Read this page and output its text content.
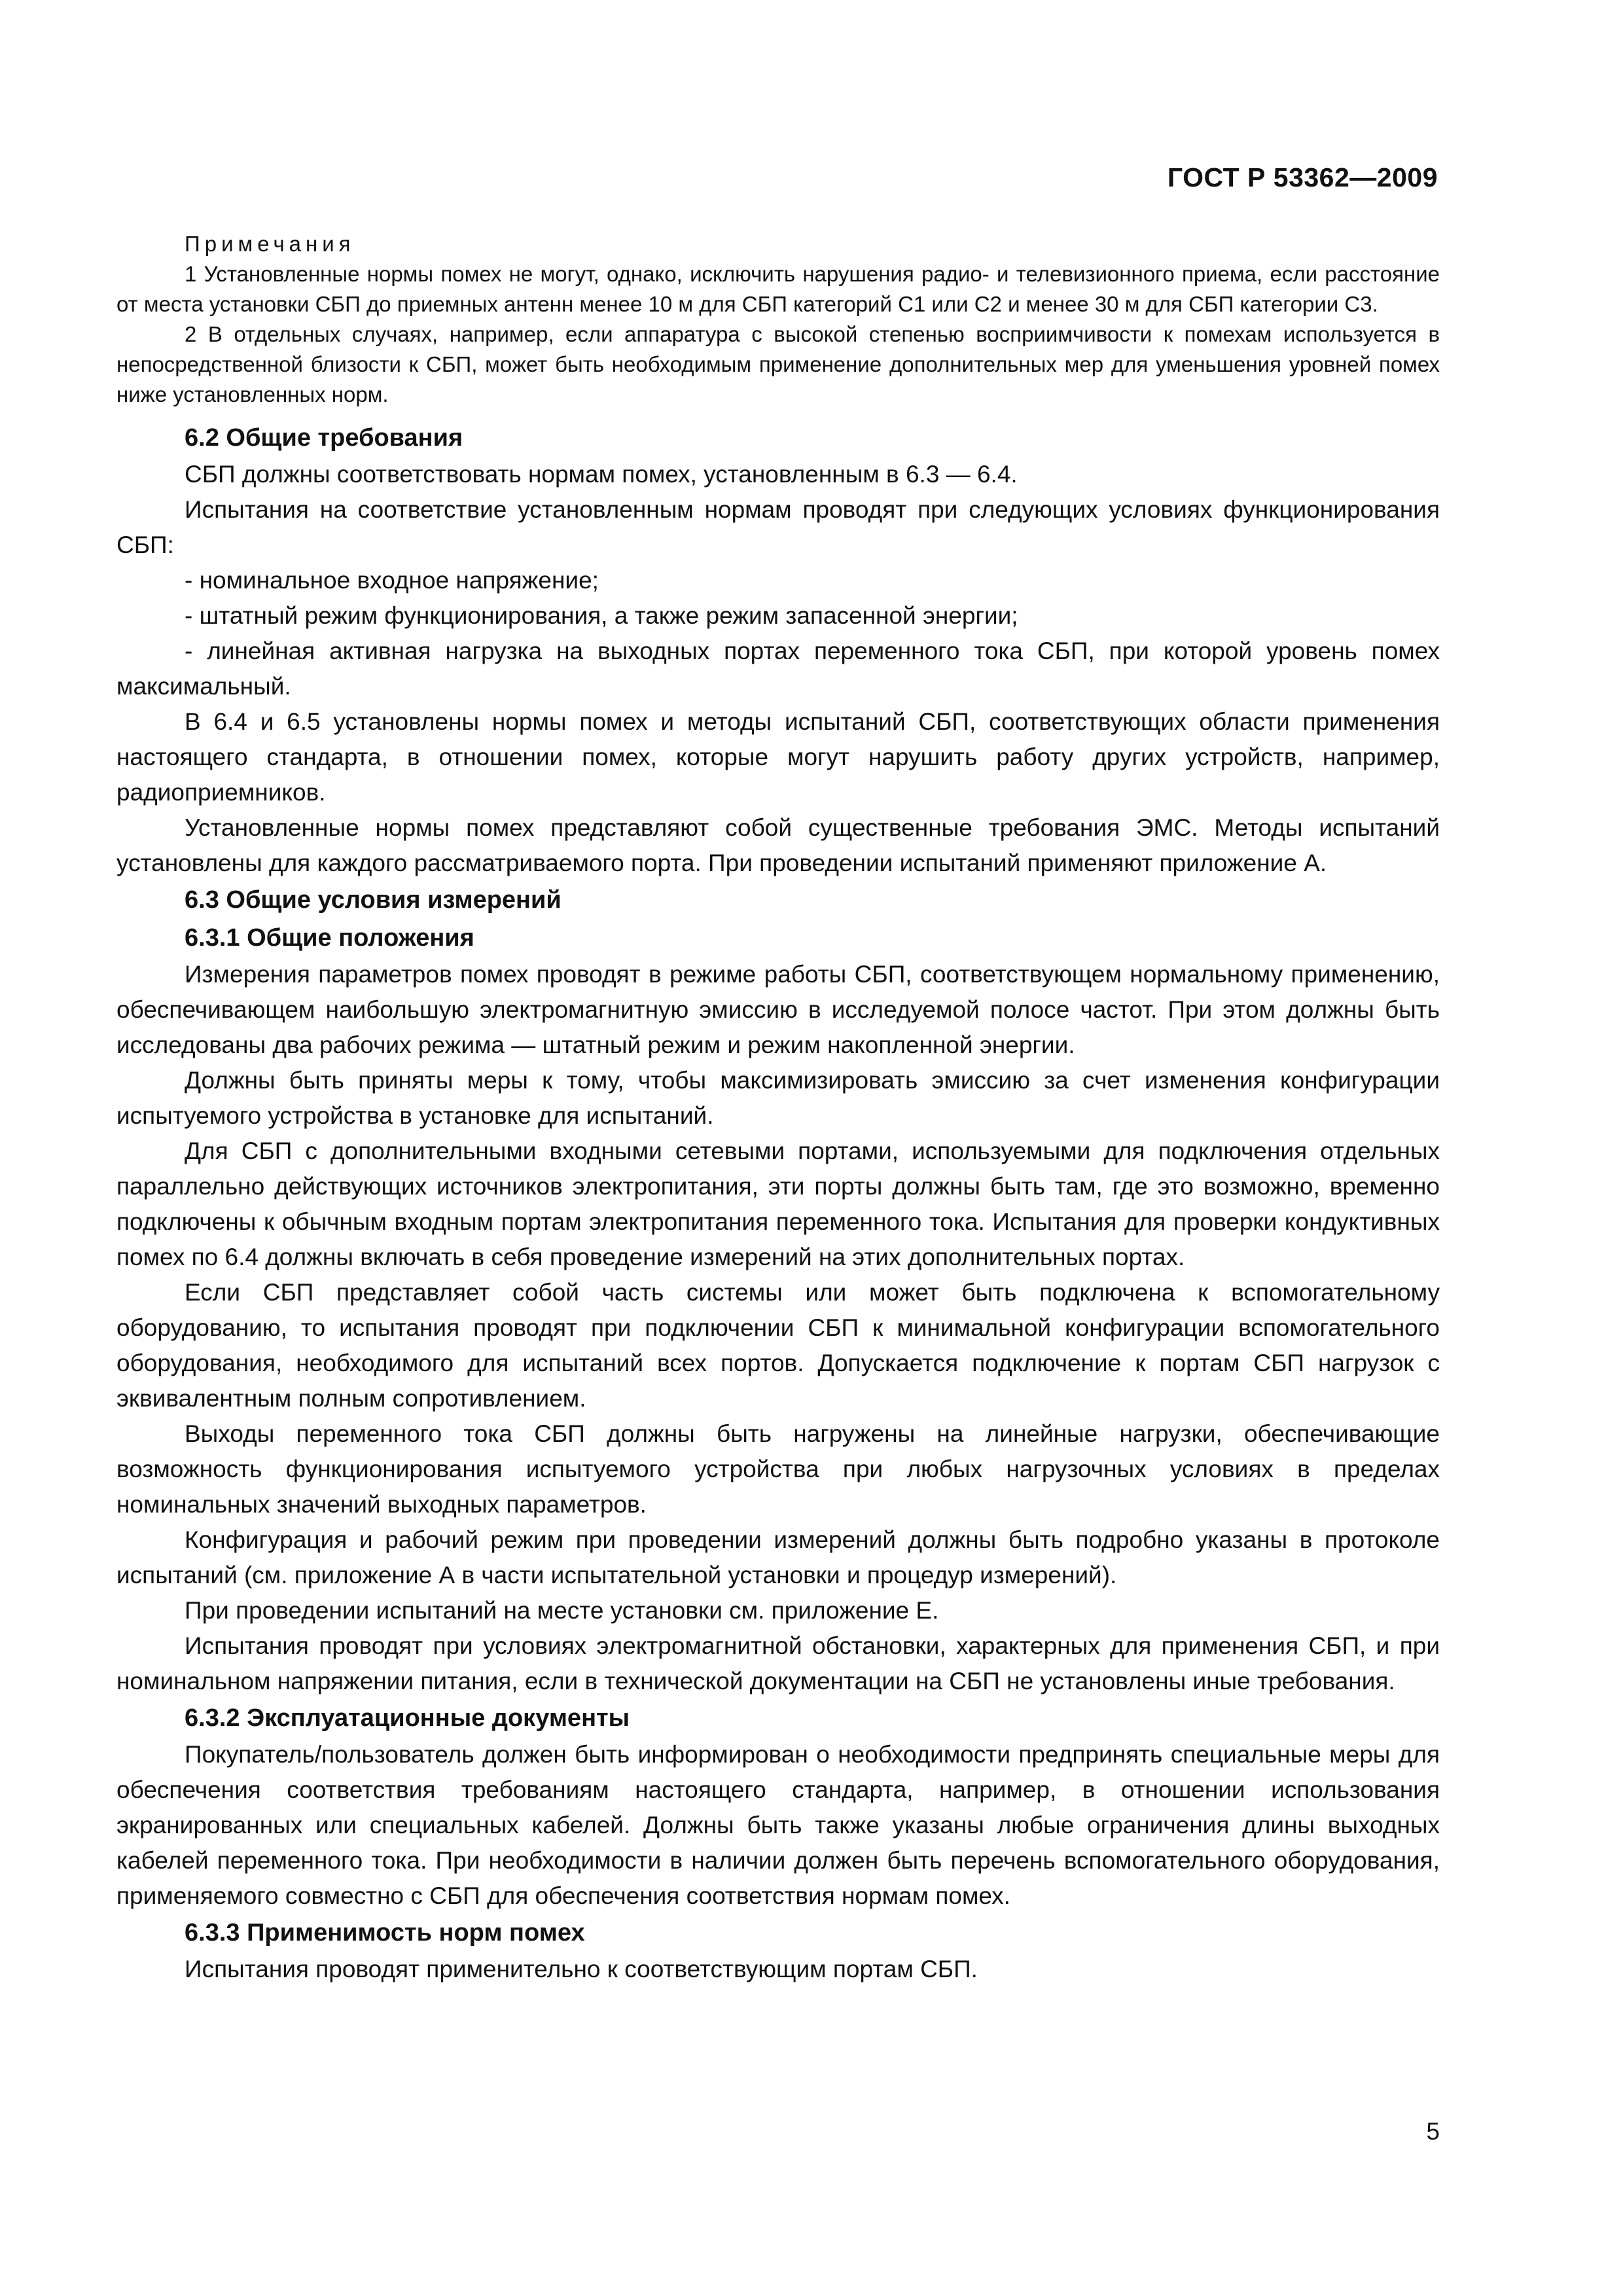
ГОСТ Р 53362—2009
Примечания

1 Установленные нормы помех не могут, однако, исключить нарушения радио- и телевизионного приема, если расстояние от места установки СБП до приемных антенн менее 10 м для СБП категорий С1 или С2 и менее 30 м для СБП категории С3.

2 В отдельных случаях, например, если аппаратура с высокой степенью восприимчивости к помехам используется в непосредственной близости к СБП, может быть необходимым применение дополнительных мер для уменьшения уровней помех ниже установленных норм.

6.2 Общие требования

СБП должны соответствовать нормам помех, установленным в 6.3 — 6.4.

Испытания на соответствие установленным нормам проводят при следующих условиях функционирования СБП:

- номинальное входное напряжение;

- штатный режим функционирования, а также режим запасенной энергии;

- линейная активная нагрузка на выходных портах переменного тока СБП, при которой уровень помех максимальный.

В 6.4 и 6.5 установлены нормы помех и методы испытаний СБП, соответствующих области применения настоящего стандарта, в отношении помех, которые могут нарушить работу других устройств, например, радиоприемников.

Установленные нормы помех представляют собой существенные требования ЭМС. Методы испытаний установлены для каждого рассматриваемого порта. При проведении испытаний применяют приложение А.

6.3 Общие условия измерений
6.3.1 Общие положения

Измерения параметров помех проводят в режиме работы СБП, соответствующем нормальному применению, обеспечивающем наибольшую электромагнитную эмиссию в исследуемой полосе частот. При этом должны быть исследованы два рабочих режима — штатный режим и режим накопленной энергии.

Должны быть приняты меры к тому, чтобы максимизировать эмиссию за счет изменения конфигурации испытуемого устройства в установке для испытаний.

Для СБП с дополнительными входными сетевыми портами, используемыми для подключения отдельных параллельно действующих источников электропитания, эти порты должны быть там, где это возможно, временно подключены к обычным входным портам электропитания переменного тока. Испытания для проверки кондуктивных помех по 6.4 должны включать в себя проведение измерений на этих дополнительных портах.

Если СБП представляет собой часть системы или может быть подключена к вспомогательному оборудованию, то испытания проводят при подключении СБП к минимальной конфигурации вспомогательного оборудования, необходимого для испытаний всех портов. Допускается подключение к портам СБП нагрузок с эквивалентным полным сопротивлением.

Выходы переменного тока СБП должны быть нагружены на линейные нагрузки, обеспечивающие возможность функционирования испытуемого устройства при любых нагрузочных условиях в пределах номинальных значений выходных параметров.

Конфигурация и рабочий режим при проведении измерений должны быть подробно указаны в протоколе испытаний (см. приложение А в части испытательной установки и процедур измерений).

При проведении испытаний на месте установки см. приложение Е.

Испытания проводят при условиях электромагнитной обстановки, характерных для применения СБП, и при номинальном напряжении питания, если в технической документации на СБП не установлены иные требования.

6.3.2 Эксплуатационные документы

Покупатель/пользователь должен быть информирован о необходимости предпринять специальные меры для обеспечения соответствия требованиям настоящего стандарта, например, в отношении использования экранированных или специальных кабелей. Должны быть также указаны любые ограничения длины выходных кабелей переменного тока. При необходимости в наличии должен быть перечень вспомогательного оборудования, применяемого совместно с СБП для обеспечения соответствия нормам помех.

6.3.3 Применимость норм помех

Испытания проводят применительно к соответствующим портам СБП.

5
